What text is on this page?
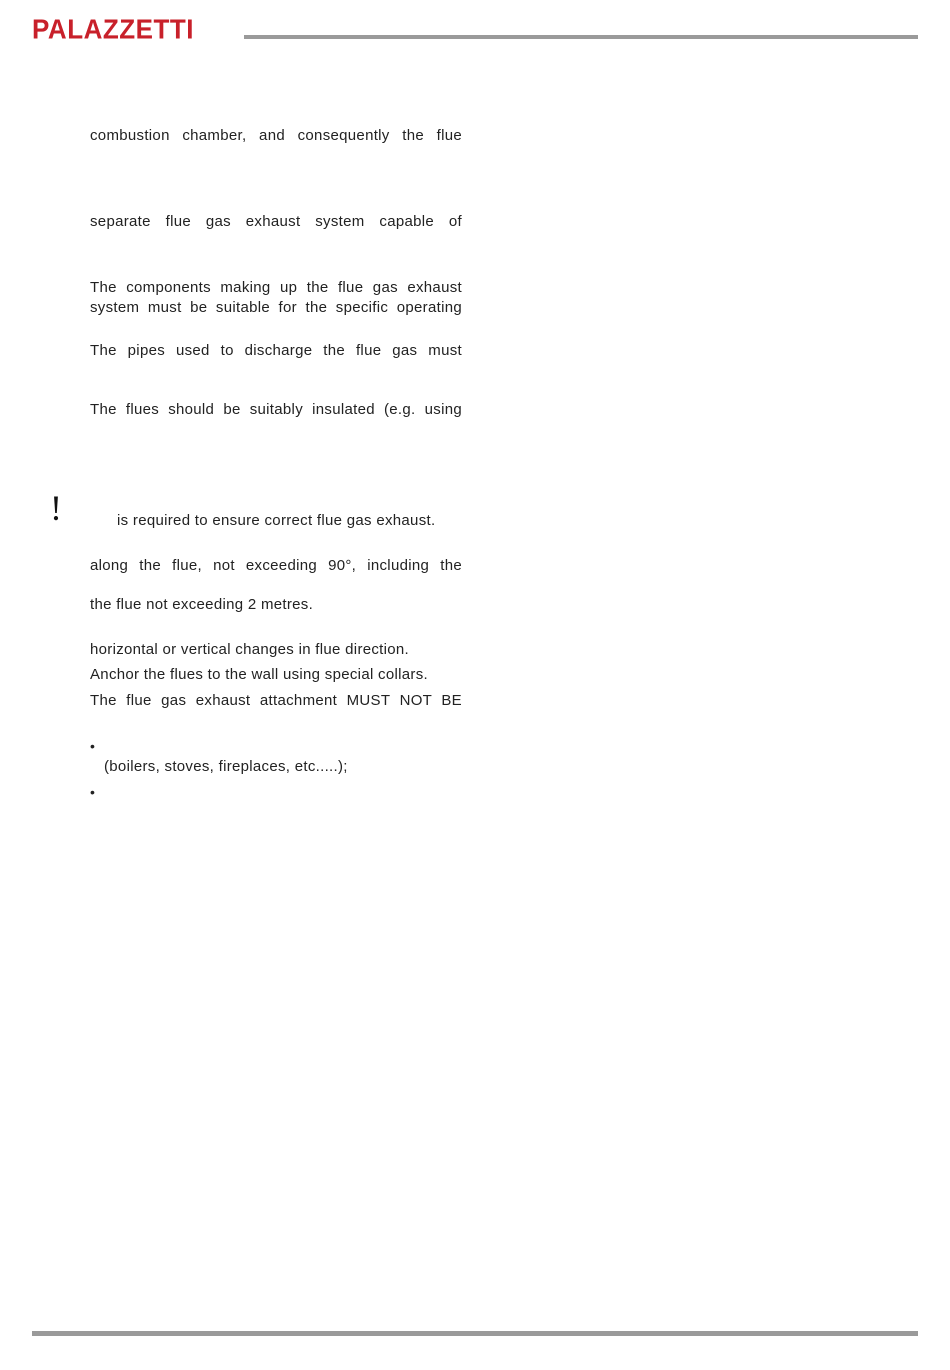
PALAZZETTI
combustion chamber, and consequently the flue
separate flue gas exhaust system capable of
The components making up the flue gas exhaust
system must be suitable for the specific operating
The pipes used to discharge the flue gas must
The flues should be suitably insulated (e.g. using
!	is required to ensure correct flue gas exhaust.
along the flue, not exceeding 90°, including the
the flue not exceeding 2 metres.
horizontal or vertical changes in flue direction.
Anchor the flues to the wall using special collars.
The flue gas exhaust attachment MUST NOT BE
•
(boilers, stoves, fireplaces, etc.....);
•
